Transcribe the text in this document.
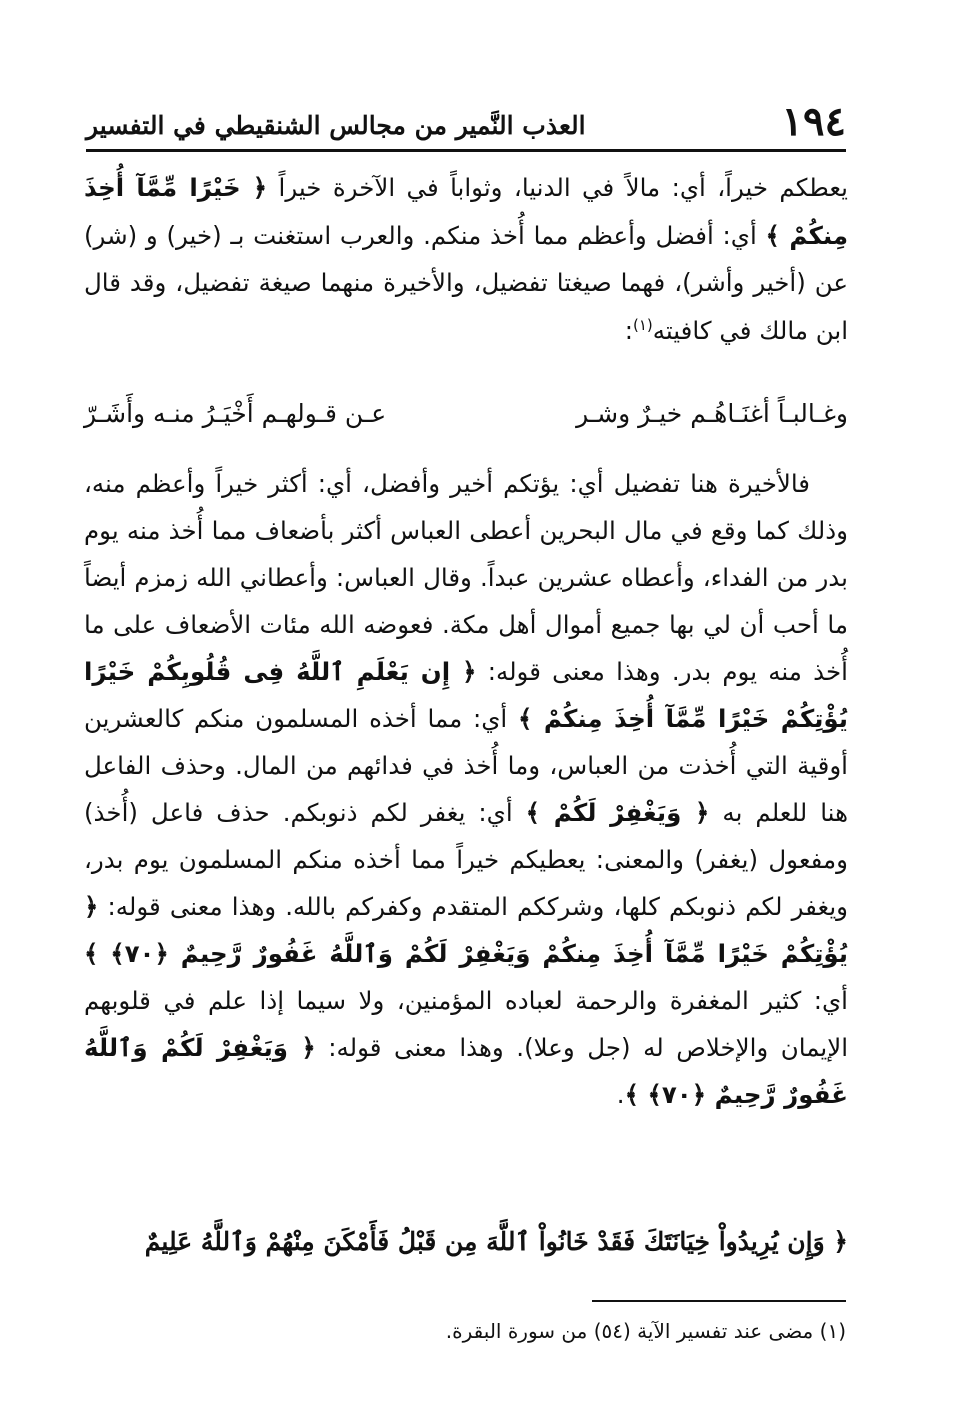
١٩٤
العذب النَّمير من مجالس الشنقيطي في التفسير

يعطكم خيراً، أي: مالاً في الدنيا، وثواباً في الآخرة خيراً ﴿ خَيْرًا مِّمَّآ أُخِذَ مِنكُمْ ﴾ أي: أفضل وأعظم مما أُخذ منكم. والعرب استغنت بـ (خير) و (شر) عن (أخير وأشر)، فهما صيغتا تفضيل، والأخيرة منهما صيغة تفضيل، وقد قال ابن مالك في كافيته$^{(١)}$:

وغـالبـاً أغنَـاهُـم خيـرٌ وشـر
عـن قـولهـم أَخْيَـرُ منـه وأَشَـرّ

فالأخيرة هنا تفضيل أي: يؤتكم أخير وأفضل، أي: أكثر خيراً وأعظم منه، وذلك كما وقع في مال البحرين أعطى العباس أكثر بأضعاف مما أُخذ منه يوم بدر من الفداء، وأعطاه عشرين عبداً. وقال العباس: وأعطاني الله زمزم أيضاً ما أحب أن لي بها جميع أموال أهل مكة. فعوضه الله مئات الأضعاف على ما أُخذ منه يوم بدر. وهذا معنى قوله: ﴿ إِن يَعْلَمِ ٱللَّهُ فِى قُلُوبِكُمْ خَيْرًا يُؤْتِكُمْ خَيْرًا مِّمَّآ أُخِذَ مِنكُمْ ﴾ أي: مما أخذه المسلمون منكم كالعشرين أوقية التي أُخذت من العباس، وما أُخذ في فدائهم من المال. وحذف الفاعل هنا للعلم به ﴿ وَيَغْفِرْ لَكُمْ ﴾ أي: يغفر لكم ذنوبكم. حذف فاعل (أُخذ) ومفعول (يغفر) والمعنى: يعطيكم خيراً مما أخذه منكم المسلمون يوم بدر، ويغفر لكم ذنوبكم كلها، وشرككم المتقدم وكفركم بالله. وهذا معنى قوله: ﴿ يُؤْتِكُمْ خَيْرًا مِّمَّآ أُخِذَ مِنكُمْ وَيَغْفِرْ لَكُمْ وَٱللَّهُ غَفُورٌ رَّحِيمٌ ﴿٧٠﴾ ﴾ أي: كثير المغفرة والرحمة لعباده المؤمنين، ولا سيما إذا علم في قلوبهم الإيمان والإخلاص له (جل وعلا). وهذا معنى قوله: ﴿ وَيَغْفِرْ لَكُمْ وَٱللَّهُ غَفُورٌ رَّحِيمٌ ﴿٧٠﴾ ﴾.

﴿ وَإِن يُرِيدُواْ خِيَانَتَكَ فَقَدْ خَانُواْ ٱللَّهَ مِن قَبْلُ فَأَمْكَنَ مِنْهُمْ وَٱللَّهُ عَلِيمٌ
(١) مضى عند تفسير الآية (٥٤) من سورة البقرة.
